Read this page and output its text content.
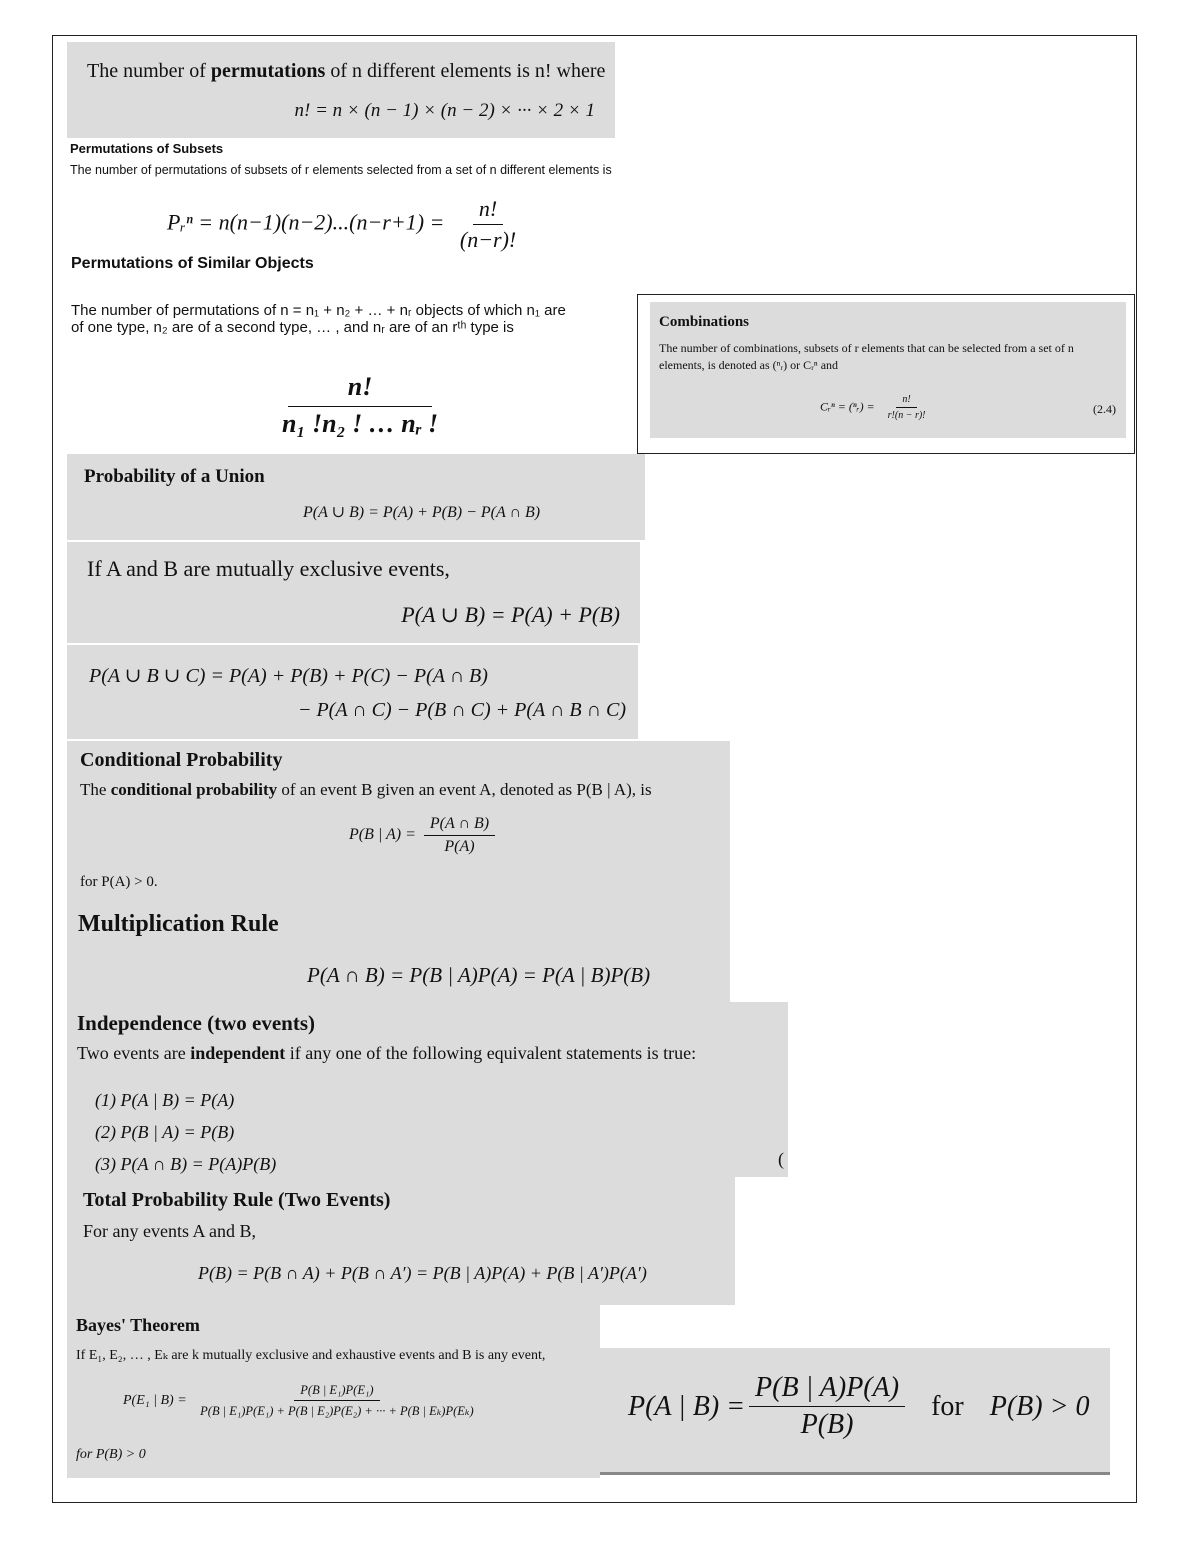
The number of permutations of n different elements is n! where
n! = n × (n − 1) × (n − 2) × ··· × 2 × 1
Permutations of Subsets
The number of permutations of subsets of r elements selected from a set of n different elements is
Pᵣⁿ = $n(n-1)(n-2)...(n-r+1) = \frac{n!}{(n-r)!}$
Permutations of Similar Objects
The number of permutations of n = n₁ + n₂ + … + nᵣ objects of which n₁ are
of one type, n₂ are of a second type, … , and nᵣ are of an rᵗʰ type is
$\frac{n!}{\text{n₁ !n₂ ! … nᵣ !}}$
Combinations
The number of combinations, subsets of r elements that can be selected from a set of n elements, is denoted as (ⁿᵣ) or Cᵣⁿ and
Cᵣⁿ = (ⁿᵣ) = $\frac{n!}{r!(n - r)!}$	(2.4)
Probability of a Union
P(A ∪ B) = P(A) + P(B) − P(A ∩ B)
If A and B are mutually exclusive events,
P(A ∪ B) = P(A) + P(B)
P(A ∪ B ∪ C) = P(A) + P(B) + P(C) − P(A ∩ B)
− P(A ∩ C) − P(B ∩ C) + P(A ∩ B ∩ C)
Conditional Probability
The conditional probability of an event B given an event A, denoted as P(B | A), is
P(B | $A) = \frac{P(A \cap B)}{P(A)}$
for P(A) > 0.
Multiplication Rule
P(A ∩ B) = P(B | A)P(A) = P(A | B)P(B)
Independence (two events)
Two events are independent if any one of the following equivalent statements is true:
(1) P(A | B) = P(A)
(2) P(B | A) = P(B)
(3) P(A ∩ B) = P(A)P(B)	(
Total Probability Rule (Two Events)
For any events A and B,
P(B) = P(B ∩ A) + P(B ∩ A′) = P(B | A)P(A) + P(B | A′)P(A′)
Bayes' Theorem
If E₁, E₂, … , Eₖ are k mutually exclusive and exhaustive events and B is any event,
P(E₁ | $B) = \frac{\text{P(B | E₁)P(E₁)}}{\text{P(B | E₁)P(E₁) + P(B | E₂)P(E₂) + ··· + P(B | Eₖ)P(Eₖ)}}$
for P(B) > 0
P(A | $B) = \frac{P(B | A)P(A)}{P(B)}$ for P(B) > 0
